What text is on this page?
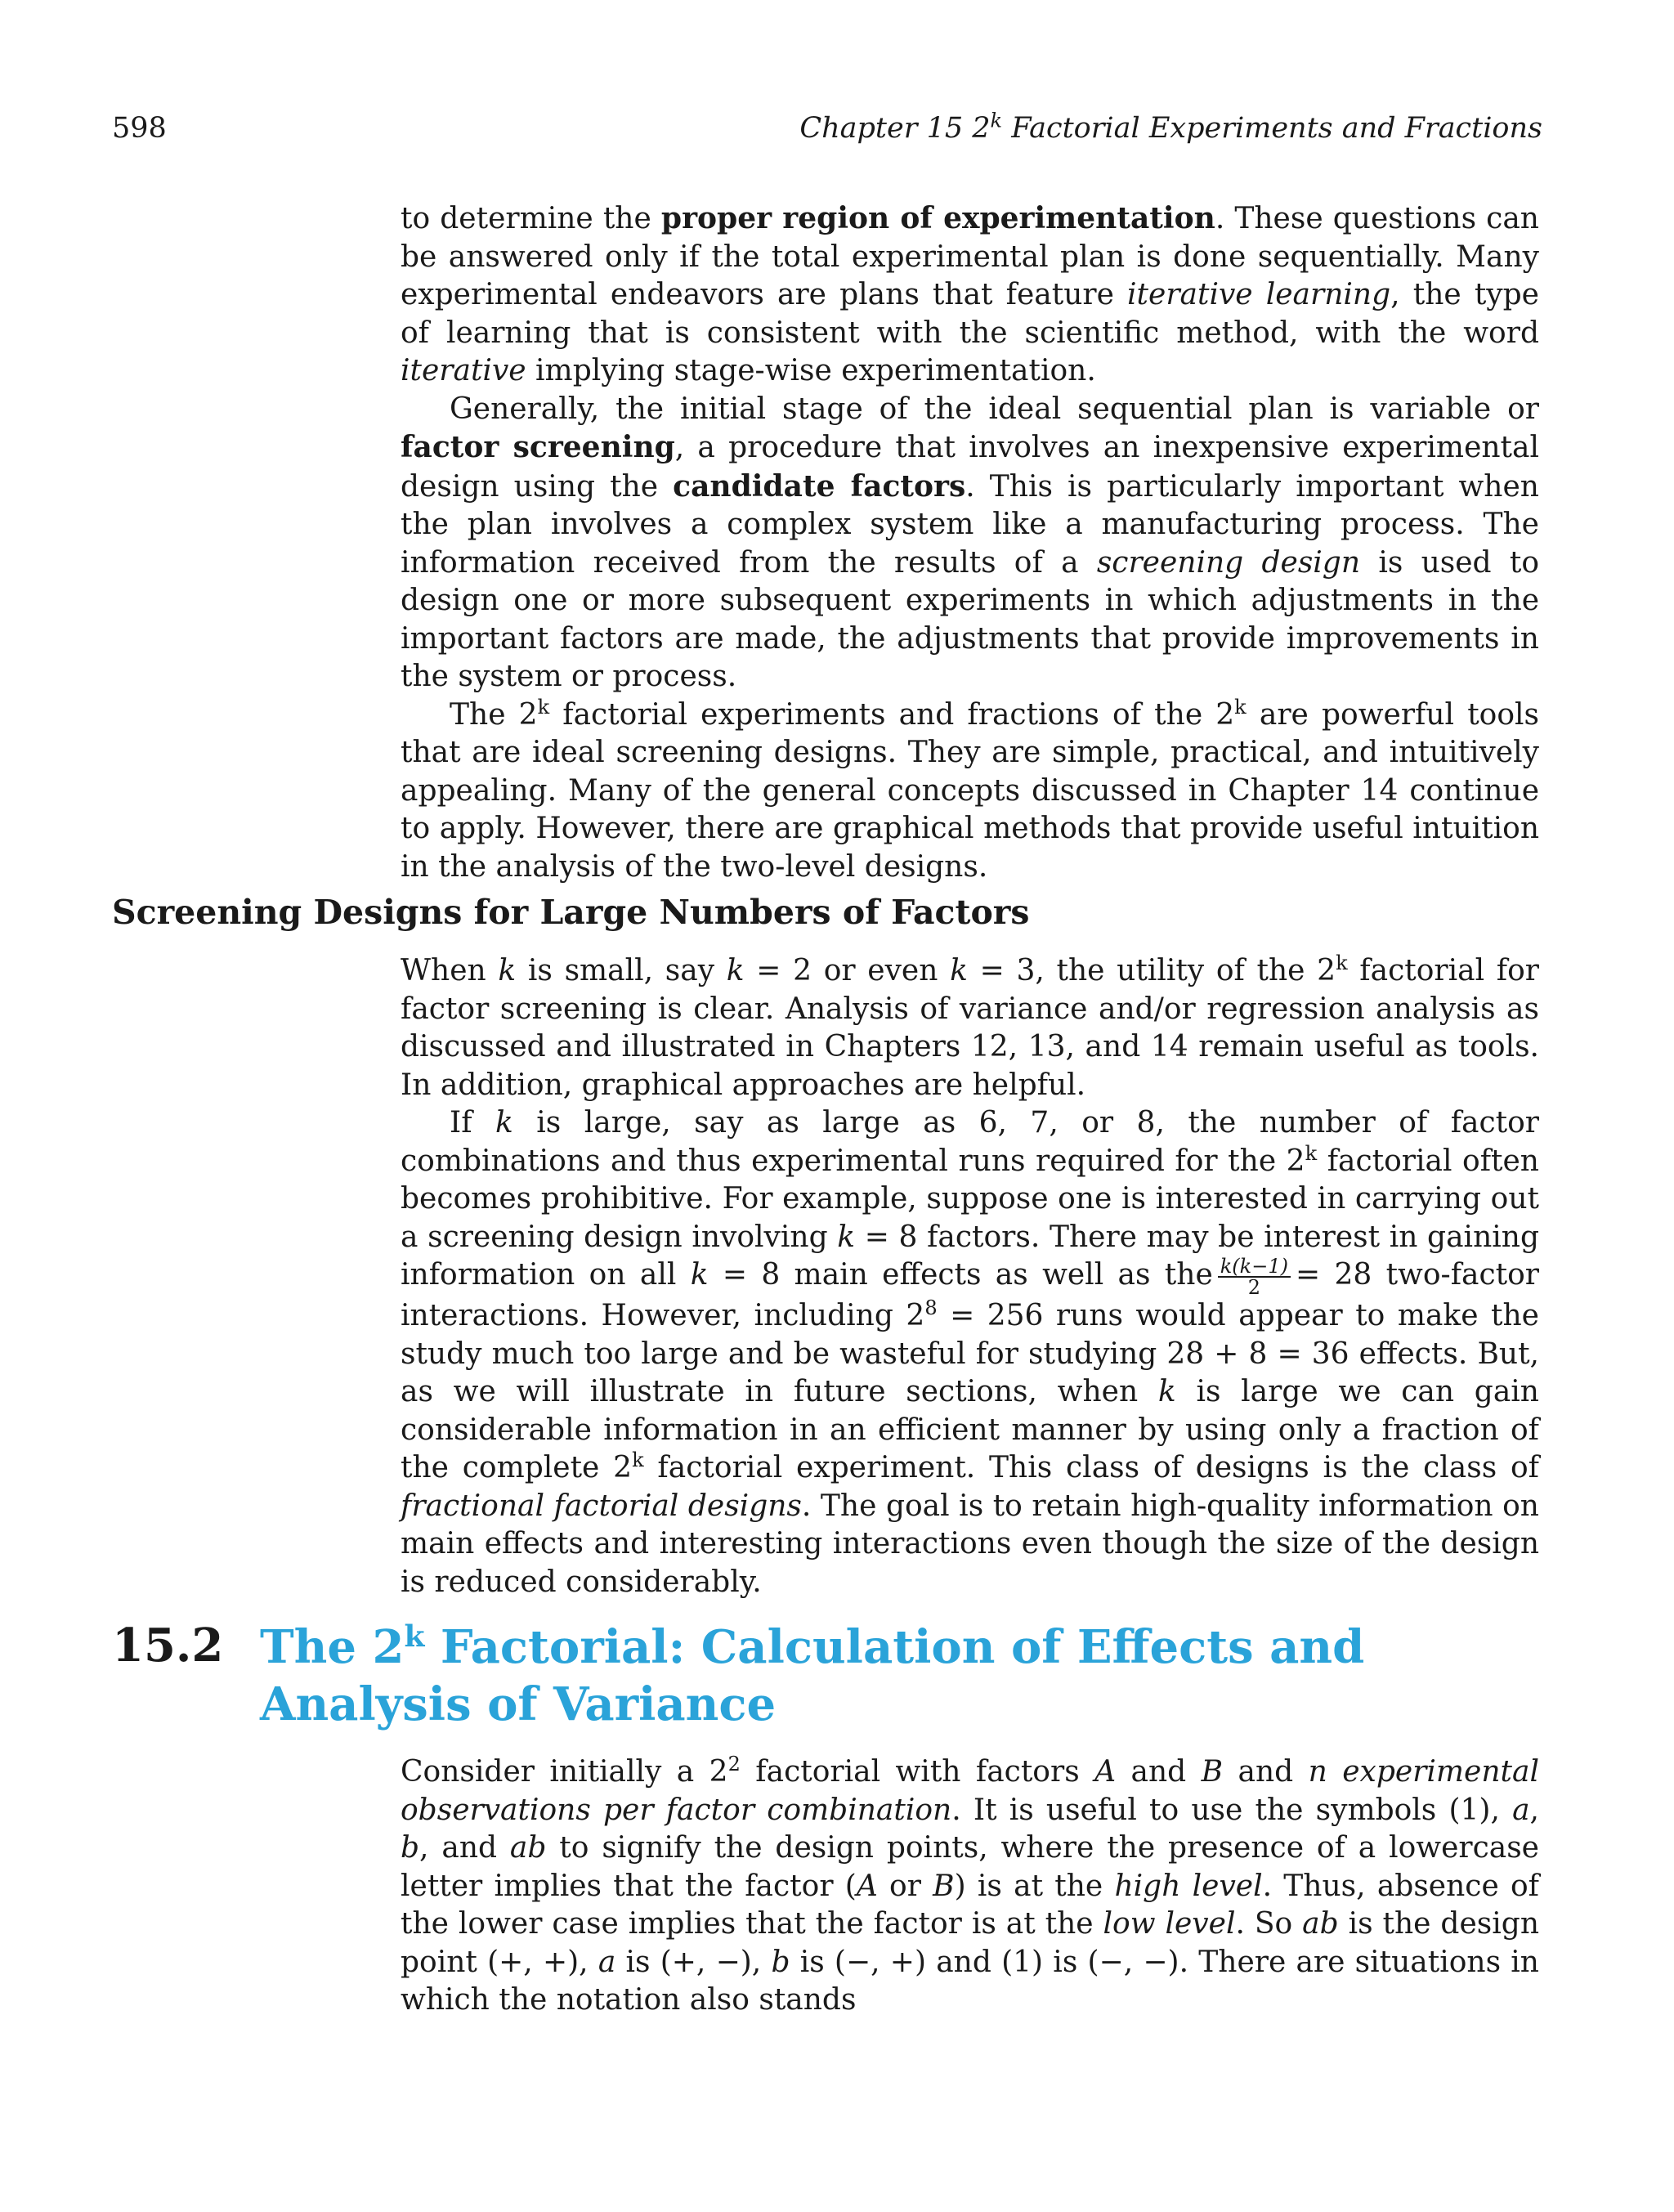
598	Chapter 15 2$^k$ Factorial Experiments and Fractions

to determine the proper region of experimentation. These questions can be answered only if the total experimental plan is done sequentially. Many experimental endeavors are plans that feature iterative learning, the type of learning that is consistent with the scientific method, with the word iterative implying stage-wise experimentation.

Generally, the initial stage of the ideal sequential plan is variable or factor screening, a procedure that involves an inexpensive experimental design using the candidate factors. This is particularly important when the plan involves a complex system like a manufacturing process. The information received from the results of a screening design is used to design one or more subsequent experiments in which adjustments in the important factors are made, the adjustments that provide improvements in the system or process.

The 2$^k$ factorial experiments and fractions of the 2$^k$ are powerful tools that are ideal screening designs. They are simple, practical, and intuitively appealing. Many of the general concepts discussed in Chapter 14 continue to apply. However, there are graphical methods that provide useful intuition in the analysis of the two-level designs.

Screening Designs for Large Numbers of Factors

When k is small, say k = 2 or even k = 3, the utility of the 2$^k$ factorial for factor screening is clear. Analysis of variance and/or regression analysis as discussed and illustrated in Chapters 12, 13, and 14 remain useful as tools. In addition, graphical approaches are helpful.

If k is large, say as large as 6, 7, or 8, the number of factor combinations and thus experimental runs required for the 2$^k$ factorial often becomes prohibitive. For example, suppose one is interested in carrying out a screening design involving k = 8 factors. There may be interest in gaining information on all k = 8 main effects as well as the $\frac{k(k-1)}{2} = 28$ two-factor interactions. However, including $2^8 = 256$ runs would appear to make the study much too large and be wasteful for studying 28 + 8 = 36 effects. But, as we will illustrate in future sections, when k is large we can gain considerable information in an efficient manner by using only a fraction of the complete 2$^k$ factorial experiment. This class of designs is the class of fractional factorial designs. The goal is to retain high-quality information on main effects and interesting interactions even though the size of the design is reduced considerably.

15.2 The 2$^k$ Factorial: Calculation of Effects and Analysis of Variance

Consider initially a $2^2$ factorial with factors A and B and n experimental observations per factor combination. It is useful to use the symbols (1), a, b, and ab to signify the design points, where the presence of a lowercase letter implies that the factor (A or B) is at the high level. Thus, absence of the lower case implies that the factor is at the low level. So ab is the design point (+, +), a is (+, −), b is (−, +) and (1) is (−, −). There are situations in which the notation also stands
